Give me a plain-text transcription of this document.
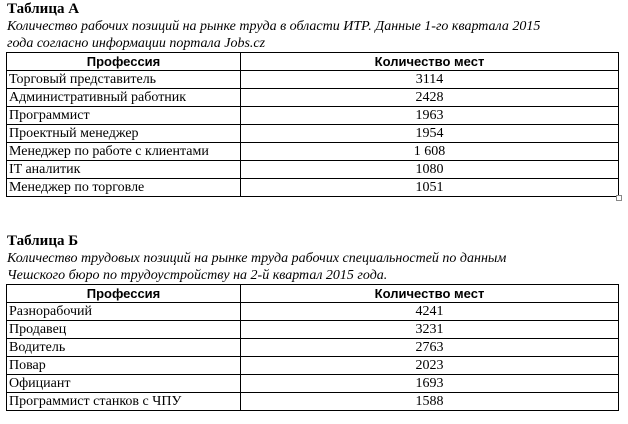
Таблица А
Количество рабочих позиций на рынке труда в области ИТР. Данные 1-го квартала 2015
года согласно информации портала Jobs.cz
Профессия	Количество мест
Торговый представитель	3114
Административный работник	2428
Программист	1963
Проектный менеджер	1954
Менеджер по работе с клиентами	1 608
IT аналитик	1080
Менеджер по торговле	1051
Таблица Б
Количество трудовых позиций на рынке труда рабочих специальностей по данным
Чешского бюро по трудоустройству на 2-й квартал 2015 года.
Профессия	Количество мест
Разнорабочий	4241
Продавец	3231
Водитель	2763
Повар	2023
Официант	1693
Программист станков с ЧПУ	1588
